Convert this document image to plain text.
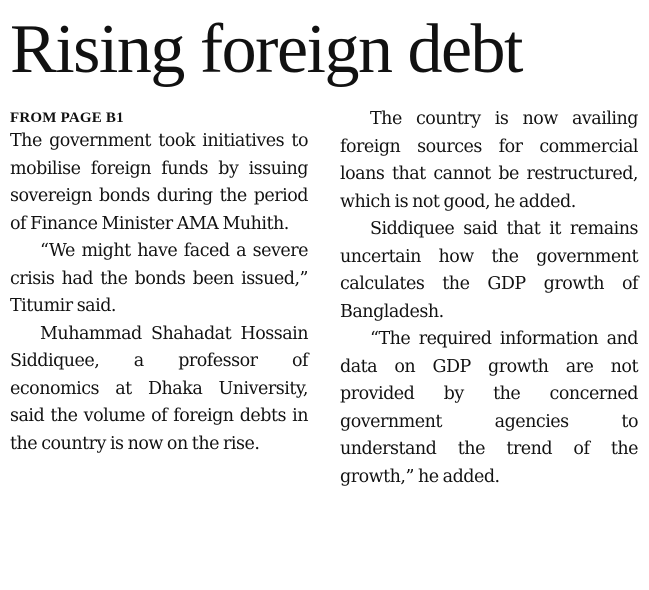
Rising foreign debt
FROM PAGE B1

The government took initiatives to mobilise foreign funds by issuing sovereign bonds during the period of Finance Minister AMA Muhith.

“We might have faced a severe crisis had the bonds been issued,” Titumir said.

Muhammad Shahadat Hossain Siddiquee, a professor of economics at Dhaka University, said the volume of foreign debts in the country is now on the rise.

The country is now availing foreign sources for commercial loans that cannot be restructured, which is not good, he added.

Siddiquee said that it remains uncertain how the government calculates the GDP growth of Bangladesh.

“The required information and data on GDP growth are not provided by the concerned government agencies to understand the trend of the growth,” he added.
